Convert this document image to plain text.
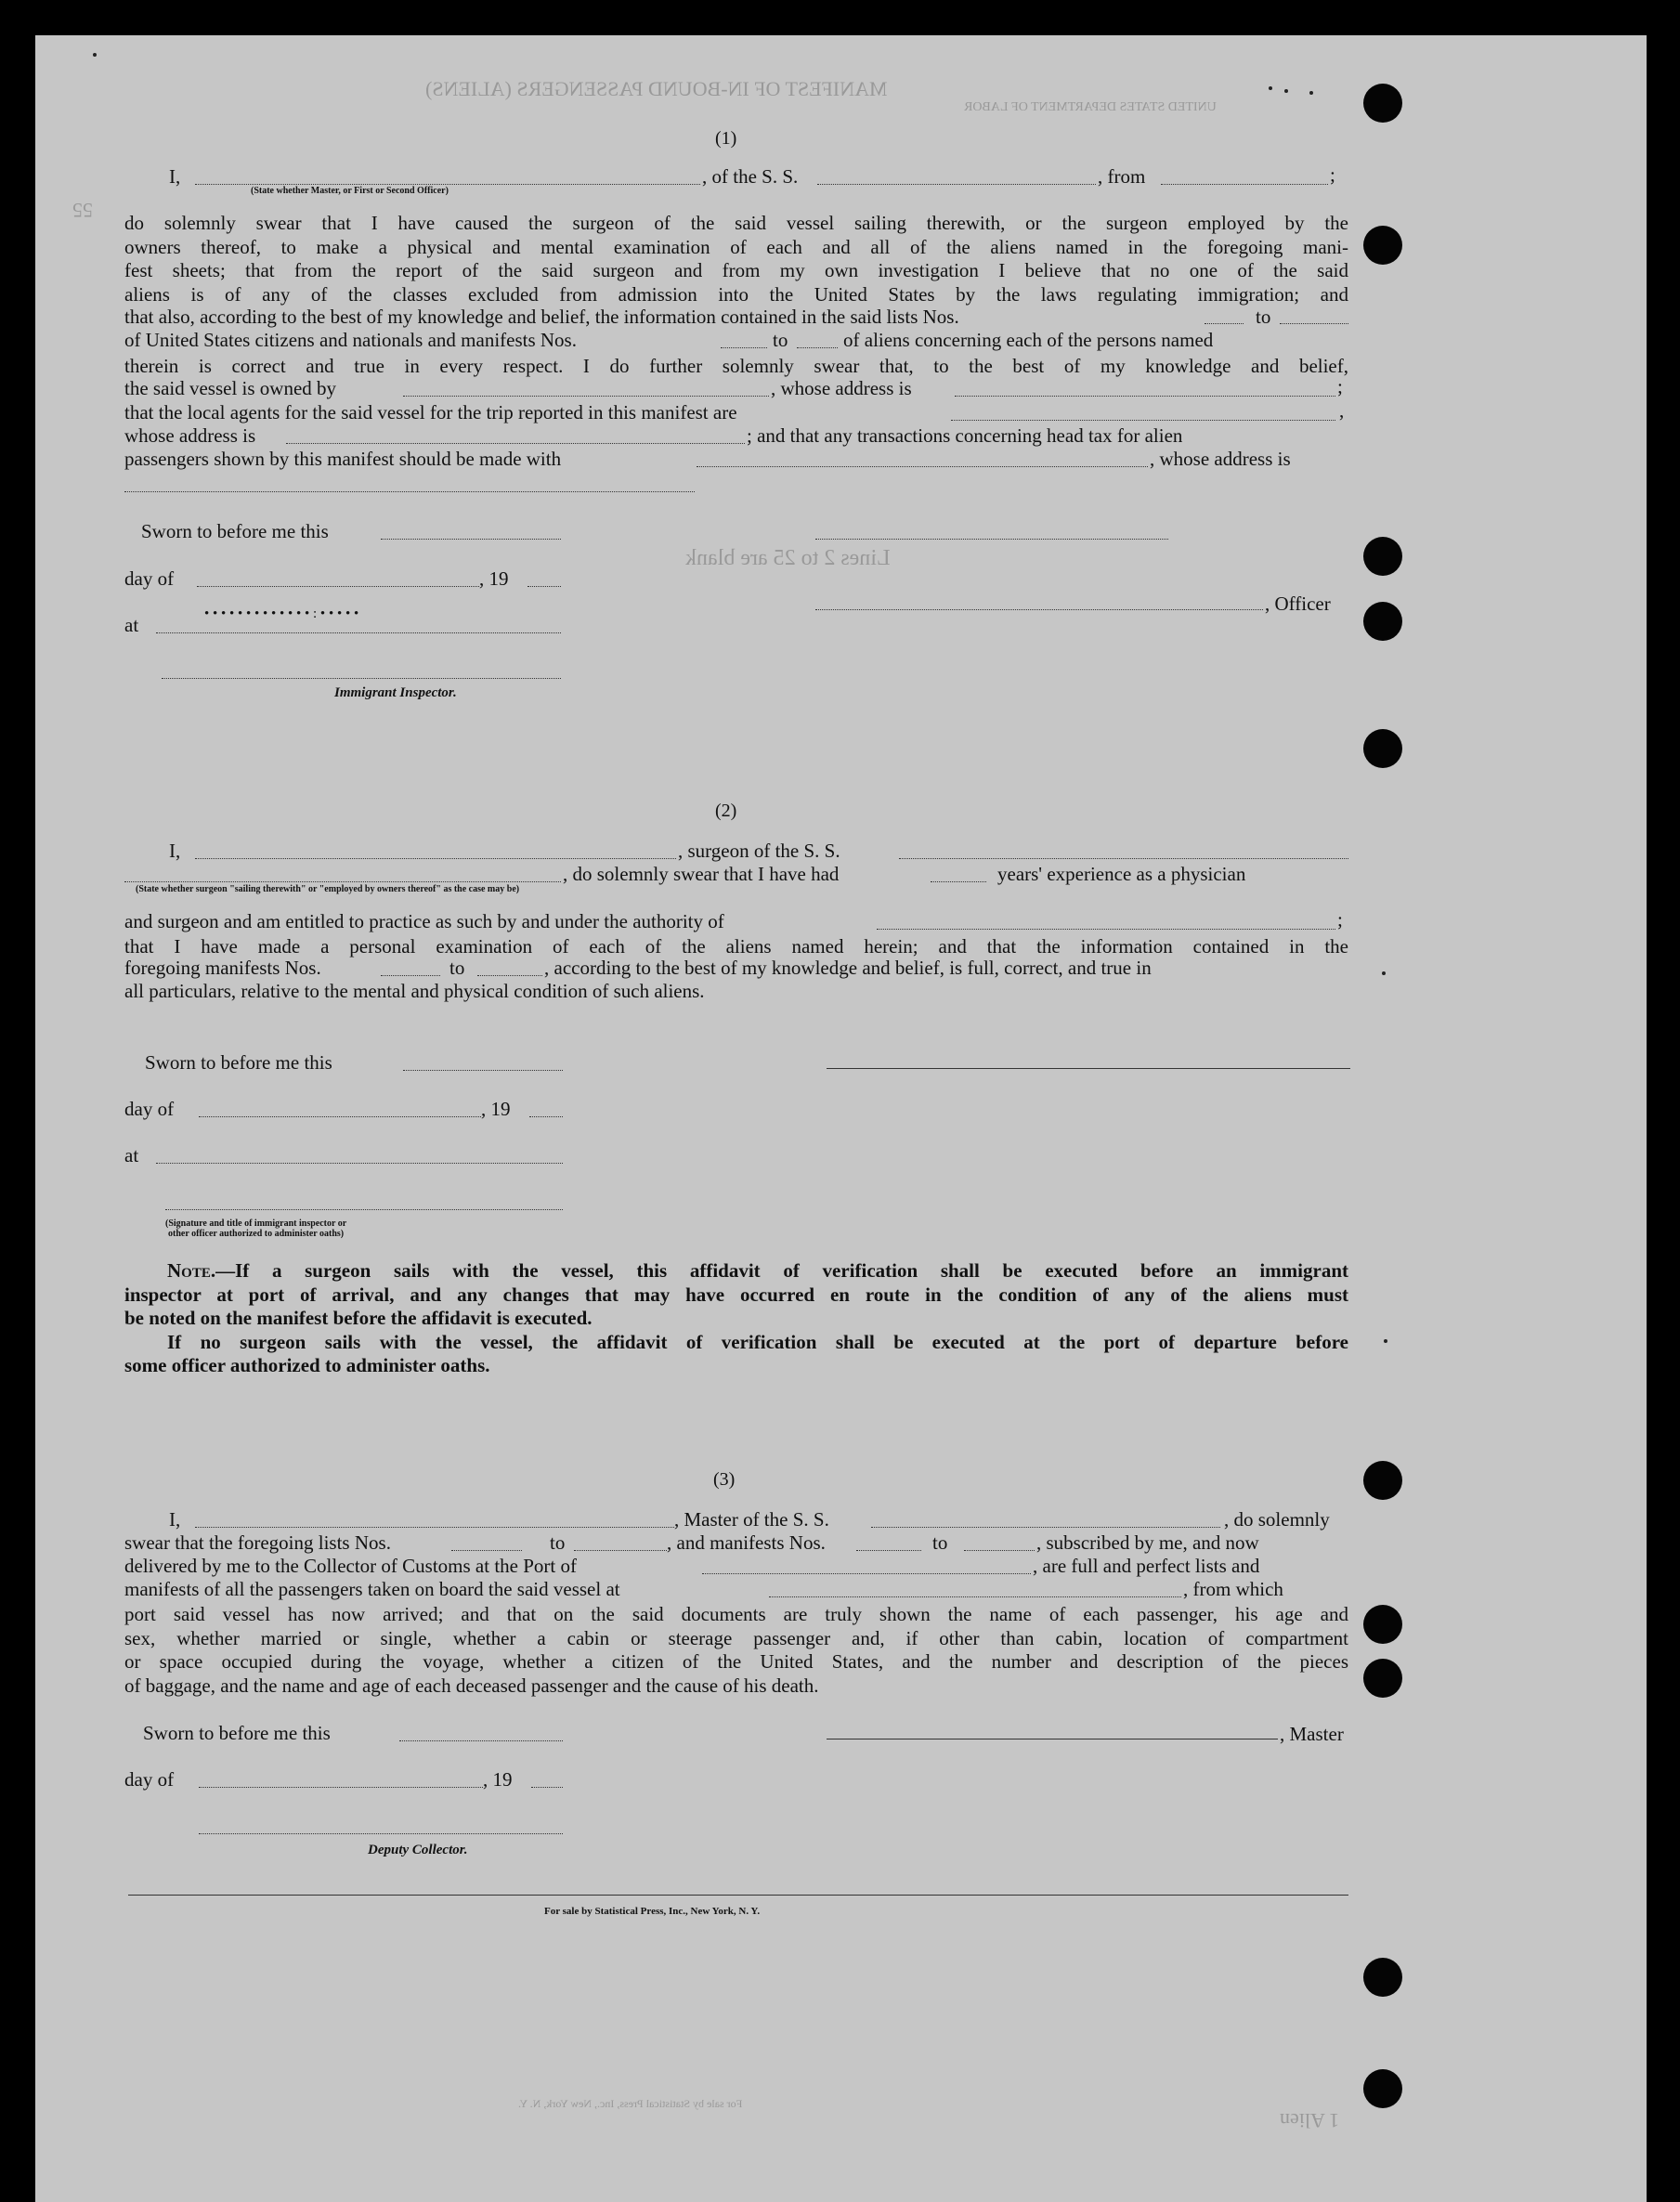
MANIFEST OF IN-BOUND PASSENGERS (ALIENS)
UNITED STATES DEPARTMENT OF LABOR
55
Lines 2 to 25 are blank
For sale by Statistical Press, Inc., New York, N. Y.
1 Alien
(1)
I,	, of the S. S.	, from	;
(State whether Master, or First or Second Officer)
do solemnly swear that I have caused the surgeon of the said vessel sailing therewith, or the surgeon employed by the
owners thereof, to make a physical and mental examination of each and all of the aliens named in the foregoing mani-
fest sheets; that from the report of the said surgeon and from my own investigation I believe that no one of the said
aliens is of any of the classes excluded from admission into the United States by the laws regulating immigration; and
that also, according to the best of my knowledge and belief, the information contained in the said lists Nos.	to
of United States citizens and nationals and manifests Nos.	to	of aliens concerning each of the persons named
therein is correct and true in every respect. I do further solemnly swear that, to the best of my knowledge and belief,
the said vessel is owned by	, whose address is	;
that the local agents for the said vessel for the trip reported in this manifest are	,
whose address is	; and that any transactions concerning head tax for alien
passengers shown by this manifest should be made with	, whose address is
Sworn to before me this
day of	, 19
• • • • • • • • • • • • • : • • • • •
at
Immigrant Inspector.
, Officer
(2)
I,	, surgeon of the S. S.
, do solemnly swear that I have had	years' experience as a physician
(State whether surgeon "sailing therewith" or "employed by owners thereof" as the case may be)
and surgeon and am entitled to practice as such by and under the authority of	;
that I have made a personal examination of each of the aliens named herein; and that the information contained in the
foregoing manifests Nos.	to	, according to the best of my knowledge and belief, is full, correct, and true in
all particulars, relative to the mental and physical condition of such aliens.
Sworn to before me this
day of	, 19
at
(Signature and title of immigrant inspector or
other officer authorized to administer oaths)
Note.—If a surgeon sails with the vessel, this affidavit of verification shall be executed before an immigrant
inspector at port of arrival, and any changes that may have occurred en route in the condition of any of the aliens must
be noted on the manifest before the affidavit is executed.
If no surgeon sails with the vessel, the affidavit of verification shall be executed at the port of departure before
some officer authorized to administer oaths.
(3)
I,	, Master of the S. S.	, do solemnly
swear that the foregoing lists Nos.	to	, and manifests Nos.	to	, subscribed by me, and now
delivered by me to the Collector of Customs at the Port of	, are full and perfect lists and
manifests of all the passengers taken on board the said vessel at	, from which
port said vessel has now arrived; and that on the said documents are truly shown the name of each passenger, his age and
sex, whether married or single, whether a cabin or steerage passenger and, if other than cabin, location of compartment
or space occupied during the voyage, whether a citizen of the United States, and the number and description of the pieces
of baggage, and the name and age of each deceased passenger and the cause of his death.
Sworn to before me this	, Master
day of	, 19
Deputy Collector.
For sale by Statistical Press, Inc., New York, N. Y.
